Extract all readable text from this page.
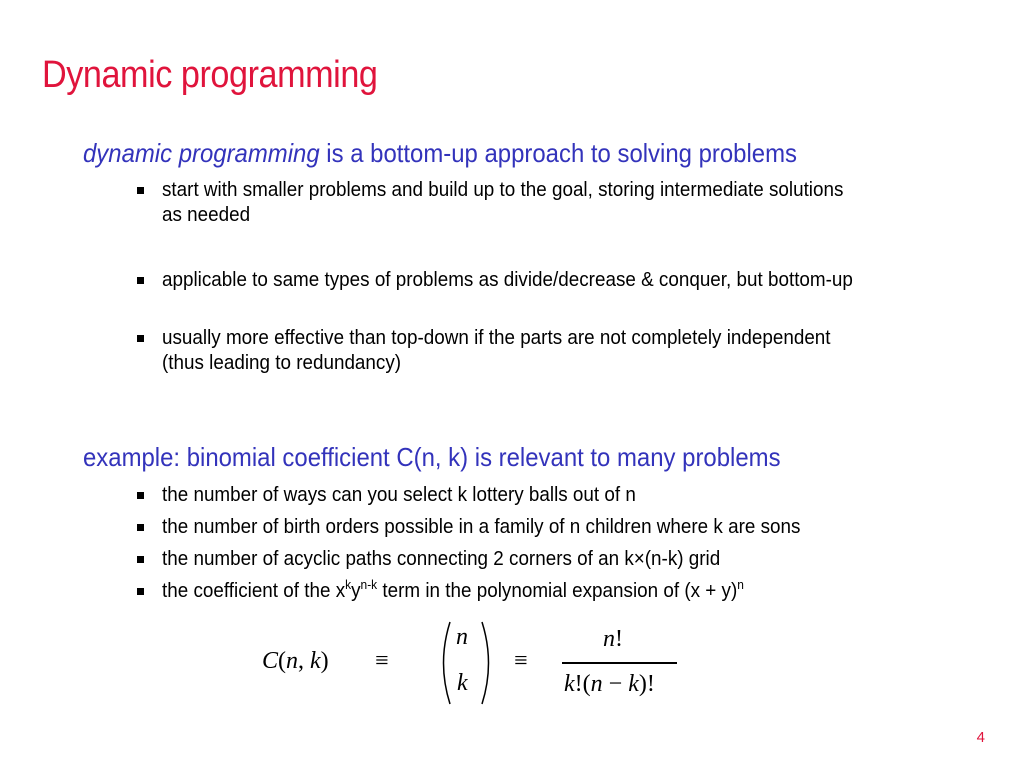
Dynamic programming

dynamic programming is a bottom-up approach to solving problems

start with smaller problems and build up to the goal, storing intermediate solutions as needed
applicable to same types of problems as divide/decrease & conquer, but bottom-up
usually more effective than top-down if the parts are not completely independent (thus leading to redundancy)

example: binomial coefficient C(n, k) is relevant to many problems

the number of ways can you select k lottery balls out of n
the number of birth orders possible in a family of n children where k are sons
the number of acyclic paths connecting 2 corners of an k×(n-k) grid
the coefficient of the $x^ky^{n-k}$ term in the polynomial expansion of $(x + y)^n$
C(n, k) ≡
n
k
≡
n!
k!(n − k)!
4
